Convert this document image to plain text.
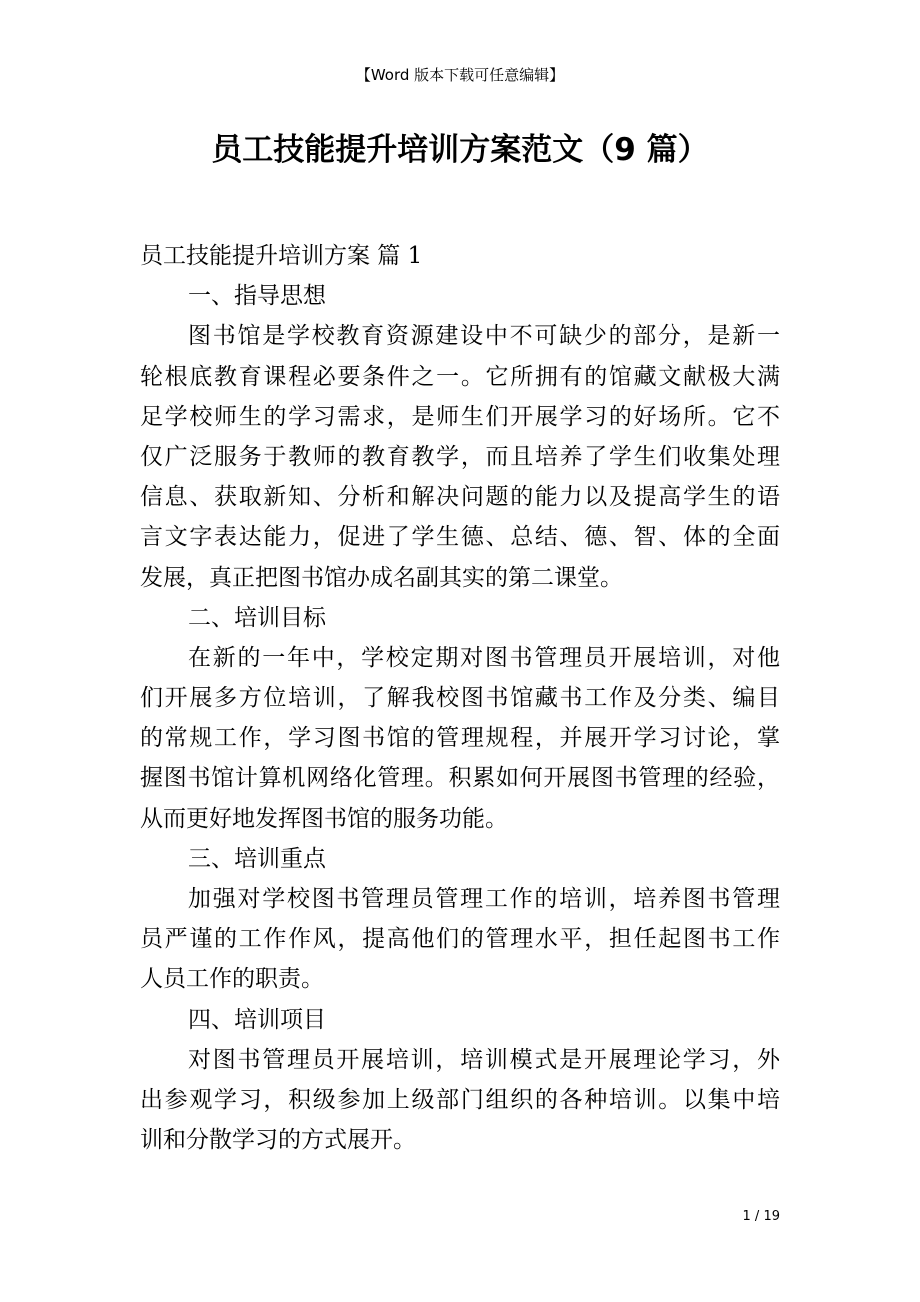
【Word 版本下载可任意编辑】
员工技能提升培训方案范文（9 篇）
员工技能提升培训方案 篇 1
一、指导思想
图书馆是学校教育资源建设中不可缺少的部分，是新一
轮根底教育课程必要条件之一。它所拥有的馆藏文献极大满
足学校师生的学习需求，是师生们开展学习的好场所。它不
仅广泛服务于教师的教育教学，而且培养了学生们收集处理
信息、获取新知、分析和解决问题的能力以及提高学生的语
言文字表达能力，促进了学生德、总结、德、智、体的全面
发展，真正把图书馆办成名副其实的第二课堂。
二、培训目标
在新的一年中，学校定期对图书管理员开展培训，对他
们开展多方位培训，了解我校图书馆藏书工作及分类、编目
的常规工作，学习图书馆的管理规程，并展开学习讨论，掌
握图书馆计算机网络化管理。积累如何开展图书管理的经验，
从而更好地发挥图书馆的服务功能。
三、培训重点
加强对学校图书管理员管理工作的培训，培养图书管理
员严谨的工作作风，提高他们的管理水平，担任起图书工作
人员工作的职责。
四、培训项目
对图书管理员开展培训，培训模式是开展理论学习，外
出参观学习，积级参加上级部门组织的各种培训。以集中培
训和分散学习的方式展开。
1 / 19
